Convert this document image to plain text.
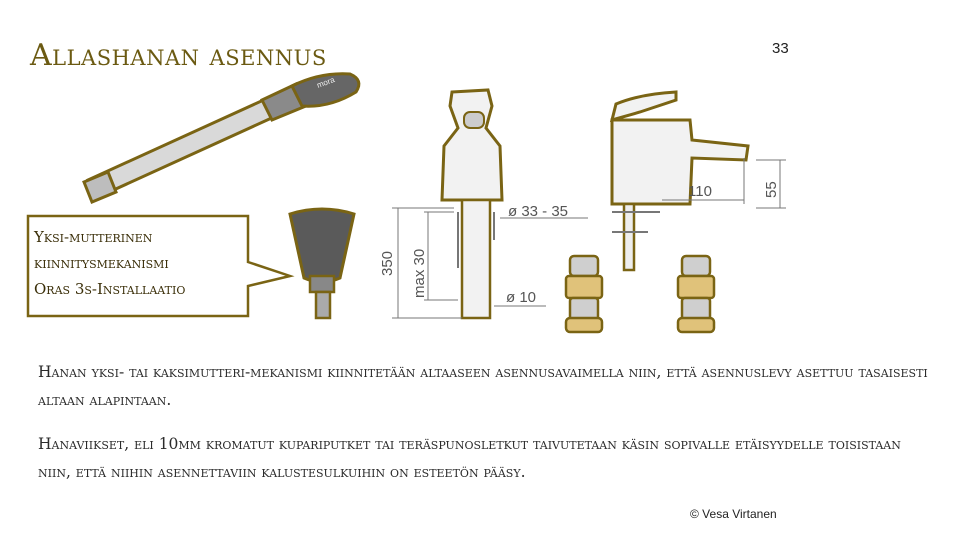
Allashanan asennus	33
mora
ø 33 - 35
ø 10
350 max 30
110	55
Yksi-mutterinen
kiinnitysmekanismi
Oras 3s-Installaatio
Hanan yksi- tai kaksimutteri-mekanismi kiinnitetään altaaseen asennusavaimella niin, että asennuslevy asettuu tasaisesti altaan alapintaan.
Hanaviikset, eli 10mm kromatut kupariputket tai teräspunosletkut taivutetaan käsin sopivalle etäisyydelle toisistaan niin, että niihin asennettaviin kalustesulkuihin on esteetön pääsy.
© Vesa Virtanen
